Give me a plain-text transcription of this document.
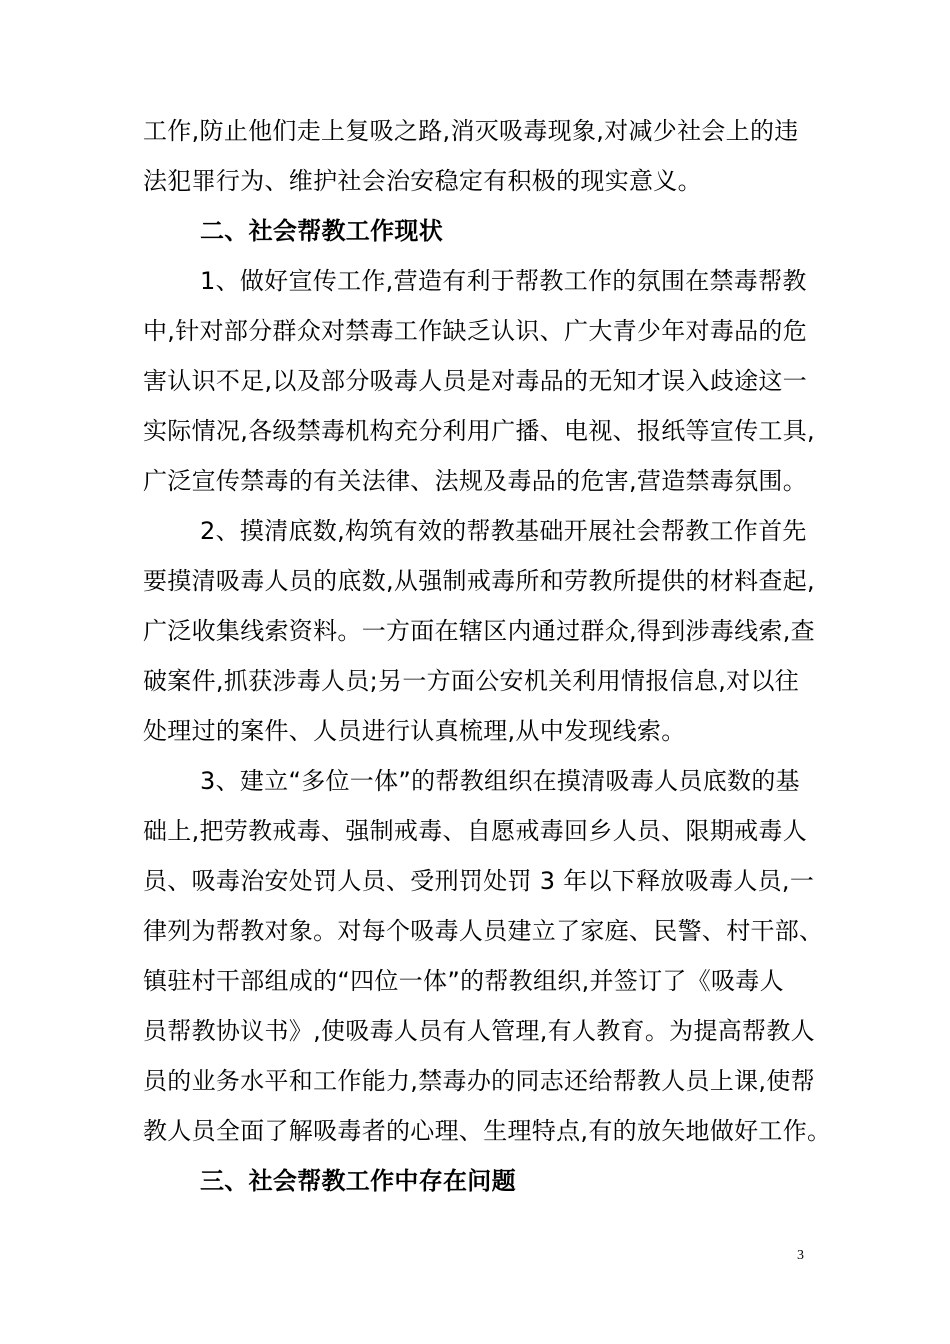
工作,防止他们走上复吸之路,消灭吸毒现象,对减少社会上的违
法犯罪行为、维护社会治安稳定有积极的现实意义。
二、社会帮教工作现状
1、做好宣传工作,营造有利于帮教工作的氛围在禁毒帮教
中,针对部分群众对禁毒工作缺乏认识、广大青少年对毒品的危
害认识不足,以及部分吸毒人员是对毒品的无知才误入歧途这一
实际情况,各级禁毒机构充分利用广播、电视、报纸等宣传工具,
广泛宣传禁毒的有关法律、法规及毒品的危害,营造禁毒氛围。
2、摸清底数,构筑有效的帮教基础开展社会帮教工作首先
要摸清吸毒人员的底数,从强制戒毒所和劳教所提供的材料查起,
广泛收集线索资料。一方面在辖区内通过群众,得到涉毒线索,查
破案件,抓获涉毒人员;另一方面公安机关利用情报信息,对以往
处理过的案件、人员进行认真梳理,从中发现线索。
3、建立“多位一体”的帮教组织在摸清吸毒人员底数的基
础上,把劳教戒毒、强制戒毒、自愿戒毒回乡人员、限期戒毒人
员、吸毒治安处罚人员、受刑罚处罚 3 年以下释放吸毒人员,一
律列为帮教对象。对每个吸毒人员建立了家庭、民警、村干部、
镇驻村干部组成的“四位一体”的帮教组织,并签订了《吸毒人
员帮教协议书》,使吸毒人员有人管理,有人教育。为提高帮教人
员的业务水平和工作能力,禁毒办的同志还给帮教人员上课,使帮
教人员全面了解吸毒者的心理、生理特点,有的放矢地做好工作。
三、社会帮教工作中存在问题
3
